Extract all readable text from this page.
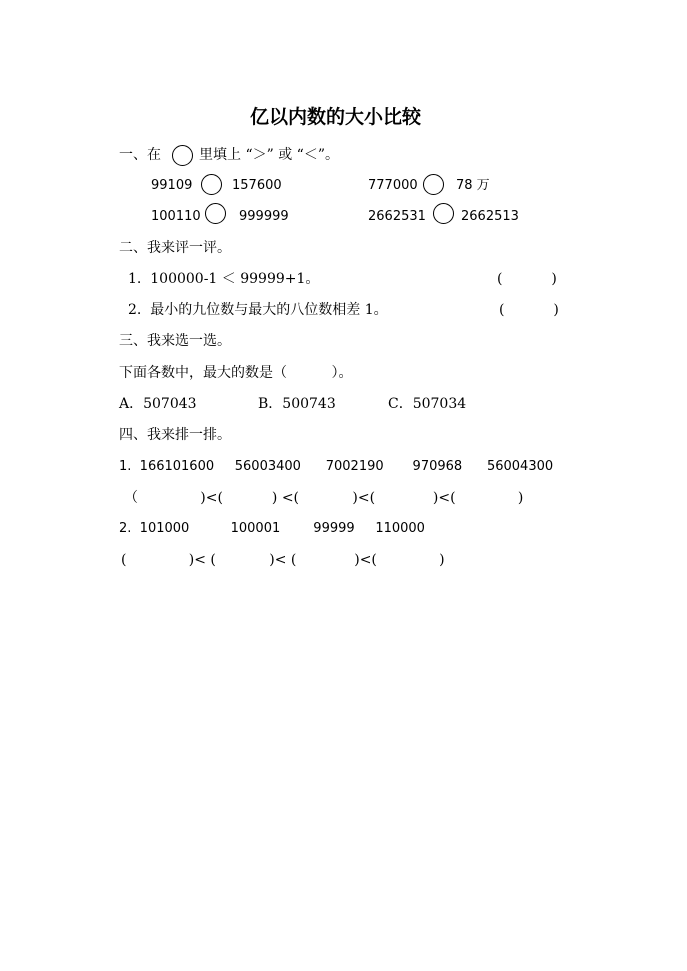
亿以内数的大小比较
一、在	里填上 “＞” 或 “＜”。
99109	157600	777000	78 万
100110	999999	2662531	2662513
二、我来评一评。
1.  100000-1 ＜ 99999+1。	(           )
2.  最小的九位数与最大的八位数相差 1。	(           )
三、我来选一选。
下面各数中，最大的数是（          ）。
A．507043	B．500743	C．507034
四、我来排一排。
1.  166101600     56003400      7002190       970968      56004300
（              )<(           ) <(            )<(             )<(              )
2.  101000          100001        99999     110000
(              )< (            )< (             )<(              )
